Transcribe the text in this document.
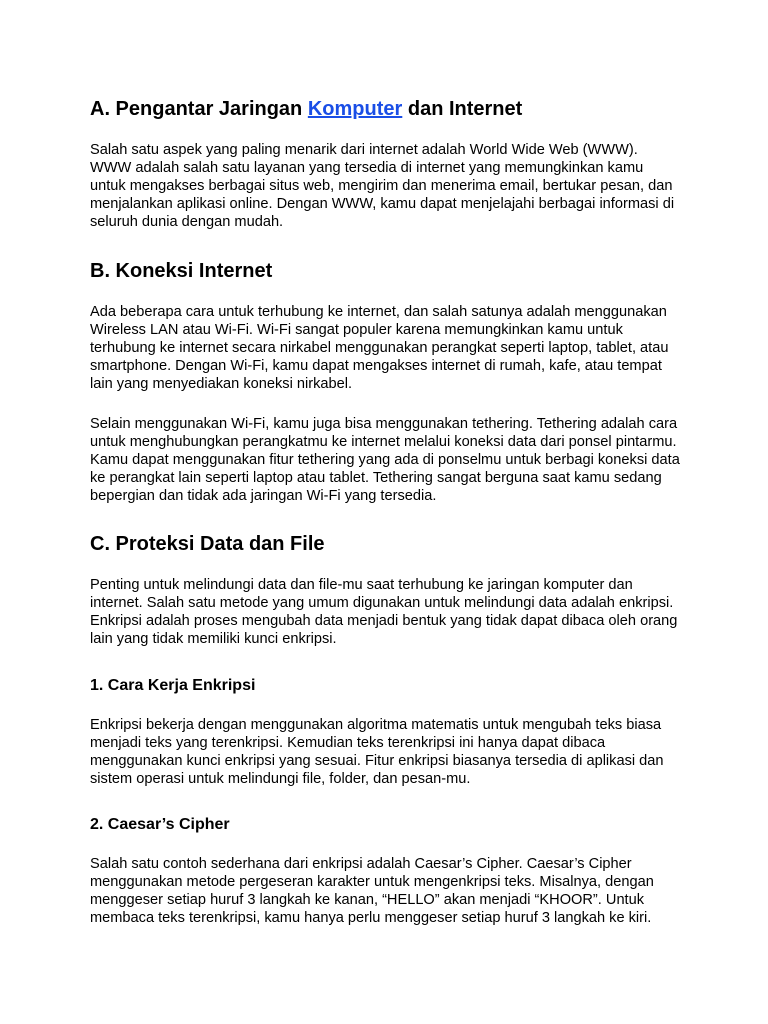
A. Pengantar Jaringan Komputer dan Internet

Salah satu aspek yang paling menarik dari internet adalah World Wide Web (WWW). WWW adalah salah satu layanan yang tersedia di internet yang memungkinkan kamu untuk mengakses berbagai situs web, mengirim dan menerima email, bertukar pesan, dan menjalankan aplikasi online. Dengan WWW, kamu dapat menjelajahi berbagai informasi di seluruh dunia dengan mudah.

B. Koneksi Internet

Ada beberapa cara untuk terhubung ke internet, dan salah satunya adalah menggunakan Wireless LAN atau Wi-Fi. Wi-Fi sangat populer karena memungkinkan kamu untuk terhubung ke internet secara nirkabel menggunakan perangkat seperti laptop, tablet, atau smartphone. Dengan Wi-Fi, kamu dapat mengakses internet di rumah, kafe, atau tempat lain yang menyediakan koneksi nirkabel.

Selain menggunakan Wi-Fi, kamu juga bisa menggunakan tethering. Tethering adalah cara untuk menghubungkan perangkatmu ke internet melalui koneksi data dari ponsel pintarmu. Kamu dapat menggunakan fitur tethering yang ada di ponselmu untuk berbagi koneksi data ke perangkat lain seperti laptop atau tablet. Tethering sangat berguna saat kamu sedang bepergian dan tidak ada jaringan Wi-Fi yang tersedia.

C. Proteksi Data dan File

Penting untuk melindungi data dan file-mu saat terhubung ke jaringan komputer dan internet. Salah satu metode yang umum digunakan untuk melindungi data adalah enkripsi. Enkripsi adalah proses mengubah data menjadi bentuk yang tidak dapat dibaca oleh orang lain yang tidak memiliki kunci enkripsi.

1. Cara Kerja Enkripsi

Enkripsi bekerja dengan menggunakan algoritma matematis untuk mengubah teks biasa menjadi teks yang terenkripsi. Kemudian teks terenkripsi ini hanya dapat dibaca menggunakan kunci enkripsi yang sesuai. Fitur enkripsi biasanya tersedia di aplikasi dan sistem operasi untuk melindungi file, folder, dan pesan-mu.

2. Caesar’s Cipher

Salah satu contoh sederhana dari enkripsi adalah Caesar’s Cipher. Caesar’s Cipher menggunakan metode pergeseran karakter untuk mengenkripsi teks. Misalnya, dengan menggeser setiap huruf 3 langkah ke kanan, “HELLO” akan menjadi “KHOOR”. Untuk membaca teks terenkripsi, kamu hanya perlu menggeser setiap huruf 3 langkah ke kiri.
